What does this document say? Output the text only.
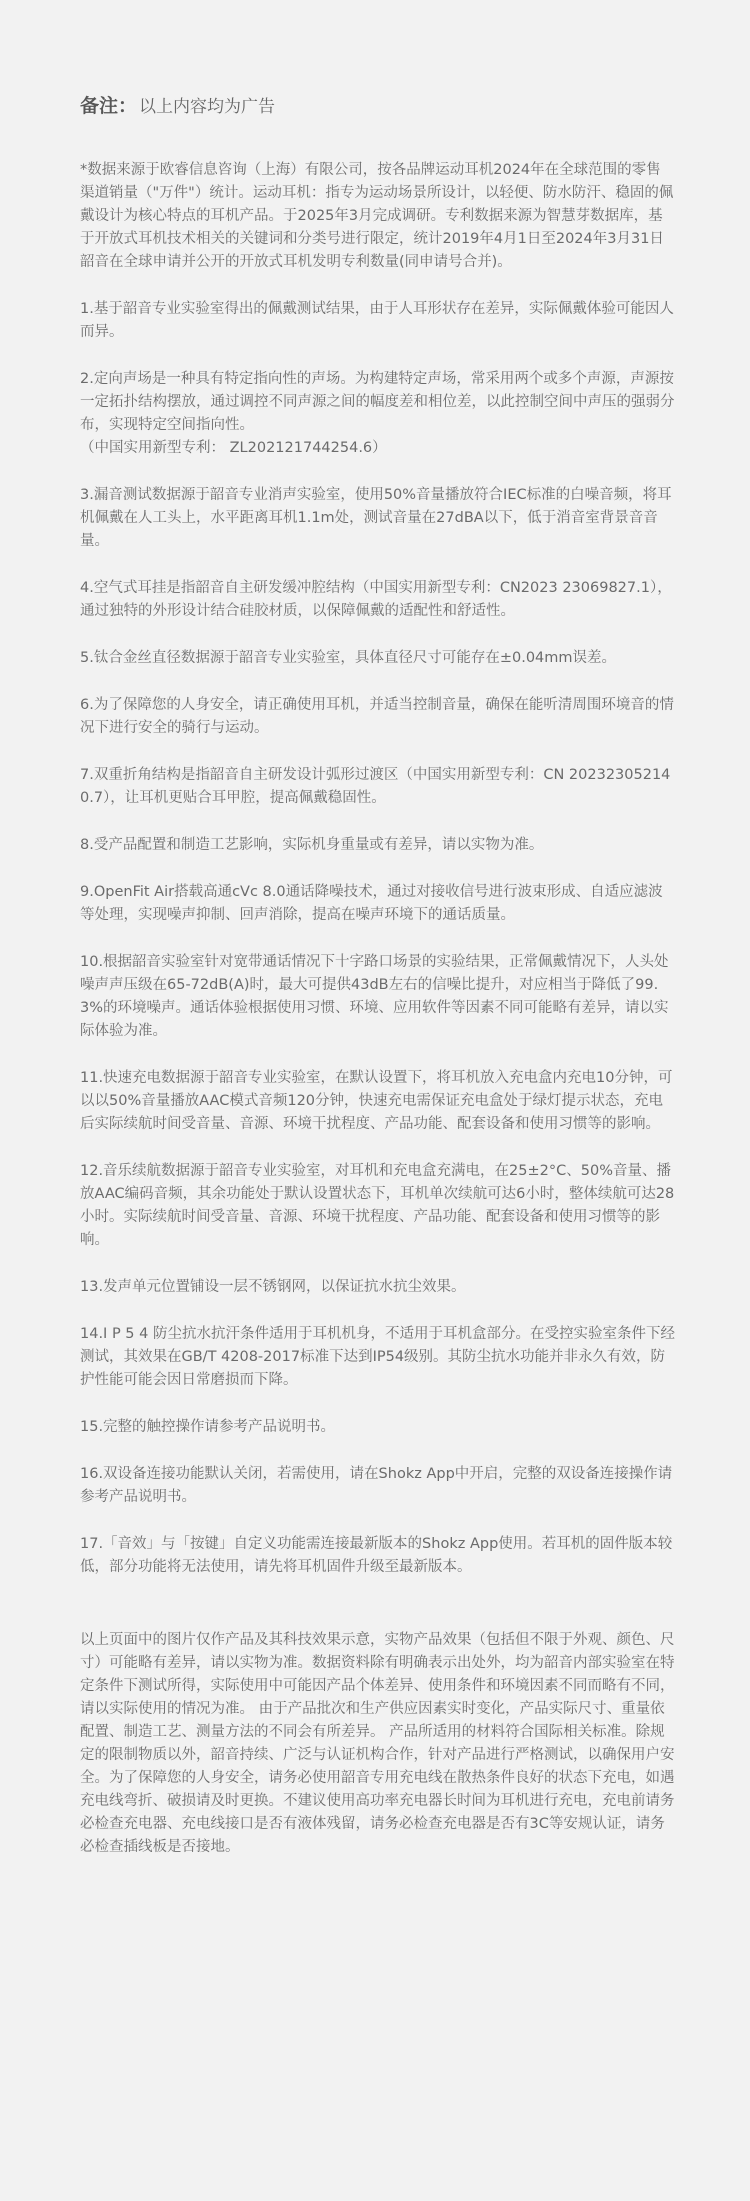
备注： 以上内容均为广告

*数据来源于欧睿信息咨询（上海）有限公司，按各品牌运动耳机2024年在全球范围的零售渠道销量（"万件"）统计。运动耳机：指专为运动场景所设计，以轻便、防水防汗、稳固的佩戴设计为核心特点的耳机产品。于2025年3月完成调研。专利数据来源为智慧芽数据库，基于开放式耳机技术相关的关键词和分类号进行限定，统计2019年4月1日至2024年3月31日韶音在全球申请并公开的开放式耳机发明专利数量(同申请号合并)。

1.基于韶音专业实验室得出的佩戴测试结果，由于人耳形状存在差异，实际佩戴体验可能因人而异。

2.定向声场是一种具有特定指向性的声场。为构建特定声场，常采用两个或多个声源，声源按一定拓扑结构摆放，通过调控不同声源之间的幅度差和相位差，以此控制空间中声压的强弱分布，实现特定空间指向性。
（中国实用新型专利： ZL202121744254.6）

3.漏音测试数据源于韶音专业消声实验室，使用50%音量播放符合IEC标准的白噪音频，将耳机佩戴在人工头上，水平距离耳机1.1m处，测试音量在27dBA以下，低于消音室背景音音量。

4.空气式耳挂是指韶音自主研发缓冲腔结构（中国实用新型专利：CN2023 23069827.1），通过独特的外形设计结合硅胶材质，以保障佩戴的适配性和舒适性。

5.钛合金丝直径数据源于韶音专业实验室，具体直径尺寸可能存在±0.04mm误差。

6.为了保障您的人身安全，请正确使用耳机，并适当控制音量，确保在能听清周围环境音的情况下进行安全的骑行与运动。

7.双重折角结构是指韶音自主研发设计弧形过渡区（中国实用新型专利：CN 202323052140.7），让耳机更贴合耳甲腔，提高佩戴稳固性。

8.受产品配置和制造工艺影响，实际机身重量或有差异，请以实物为准。

9.OpenFit Air搭载高通cVc 8.0通话降噪技术，通过对接收信号进行波束形成、自适应滤波等处理，实现噪声抑制、回声消除，提高在噪声环境下的通话质量。

10.根据韶音实验室针对宽带通话情况下十字路口场景的实验结果，正常佩戴情况下，人头处噪声声压级在65-72dB(A)时，最大可提供43dB左右的信噪比提升，对应相当于降低了99.3%的环境噪声。通话体验根据使用习惯、环境、应用软件等因素不同可能略有差异，请以实际体验为准。

11.快速充电数据源于韶音专业实验室，在默认设置下，将耳机放入充电盒内充电10分钟，可以以50%音量播放AAC模式音频120分钟，快速充电需保证充电盒处于绿灯提示状态，充电后实际续航时间受音量、音源、环境干扰程度、产品功能、配套设备和使用习惯等的影响。

12.音乐续航数据源于韶音专业实验室，对耳机和充电盒充满电，在25±2°C、50%音量、播放AAC编码音频，其余功能处于默认设置状态下，耳机单次续航可达6小时，整体续航可达28小时。实际续航时间受音量、音源、环境干扰程度、产品功能、配套设备和使用习惯等的影响。

13.发声单元位置铺设一层不锈钢网，以保证抗水抗尘效果。

14.I P 5 4 防尘抗水抗汗条件适用于耳机机身，不适用于耳机盒部分。在受控实验室条件下经测试，其效果在GB/T 4208-2017标准下达到IP54级别。其防尘抗水功能并非永久有效，防护性能可能会因日常磨损而下降。

15.完整的触控操作请参考产品说明书。

16.双设备连接功能默认关闭，若需使用，请在Shokz App中开启，完整的双设备连接操作请参考产品说明书。

17.「音效」与「按键」自定义功能需连接最新版本的Shokz App使用。若耳机的固件版本较低，部分功能将无法使用，请先将耳机固件升级至最新版本。

以上页面中的图片仅作产品及其科技效果示意，实物产品效果（包括但不限于外观、颜色、尺寸）可能略有差异，请以实物为准。数据资料除有明确表示出处外，均为韶音内部实验室在特定条件下测试所得，实际使用中可能因产品个体差异、使用条件和环境因素不同而略有不同，请以实际使用的情况为准。 由于产品批次和生产供应因素实时变化，产品实际尺寸、重量依配置、制造工艺、测量方法的不同会有所差异。 产品所适用的材料符合国际相关标准。除规定的限制物质以外，韶音持续、广泛与认证机构合作，针对产品进行严格测试，以确保用户安全。为了保障您的人身安全，请务必使用韶音专用充电线在散热条件良好的状态下充电，如遇充电线弯折、破损请及时更换。不建议使用高功率充电器长时间为耳机进行充电，充电前请务必检查充电器、充电线接口是否有液体残留，请务必检查充电器是否有3C等安规认证，请务必检查插线板是否接地。
